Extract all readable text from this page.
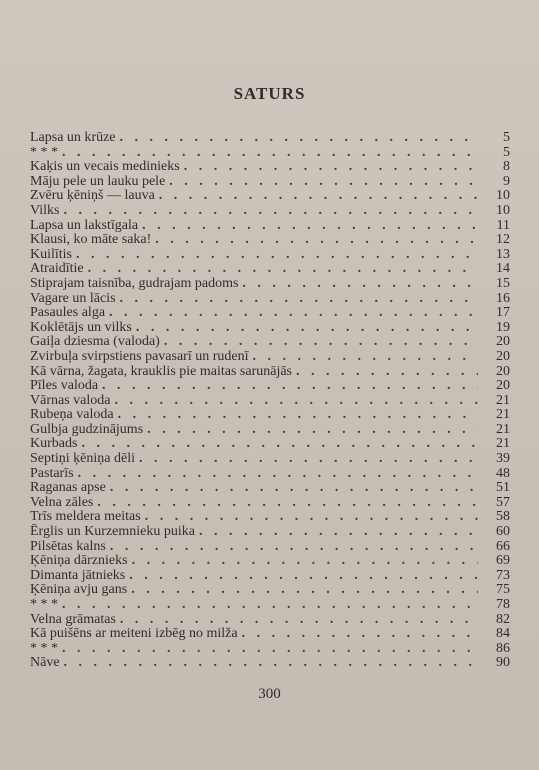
SATURS
Lapsa un krūze . . .	5
* * * . . .	5
Kaķis un vecais medinieks . . .	8
Māju pele un lauku pele . . .	9
Zvēru ķēniņš — lauva . . .	10
Vilks . . .	10
Lapsa un lakstīgala . . .	11
Klausi, ko māte saka! . . .	12
Kuilītis . . .	13
Atraidītie . . .	14
Stiprajam taisnība, gudrajam padoms . . .	15
Vagare un lācis . . .	16
Pasaules alga . . .	17
Koklētājs un vilks . . .	19
Gaiļa dziesma (valoda) . . .	20
Zvirbuļa svirpstiens pavasarī un rudenī . . .	20
Kā vārna, žagata, krauklis pie maitas sarunājās . . .	20
Pīles valoda . . .	20
Vārnas valoda . . .	21
Rubeņa valoda . . .	21
Gulbja gudzinājums . . .	21
Kurbads . . .	21
Septiņi ķēniņa dēli . . .	39
Pastarīs . . .	48
Raganas apse . . .	51
Velna zāles . . .	57
Trīs meldera meitas . . .	58
Ērglis un Kurzemnieku puika . . .	60
Pilsētas kalns . . .	66
Ķēniņa dārznieks . . .	69
Dimanta jātnieks . . .	73
Ķēniņa avju gans . . .	75
* * * . . .	78
Velna grāmatas . . .	82
Kā puišēns ar meiteni izbēg no milža . . .	84
* * * . . .	86
Nāve . . .	90
300
